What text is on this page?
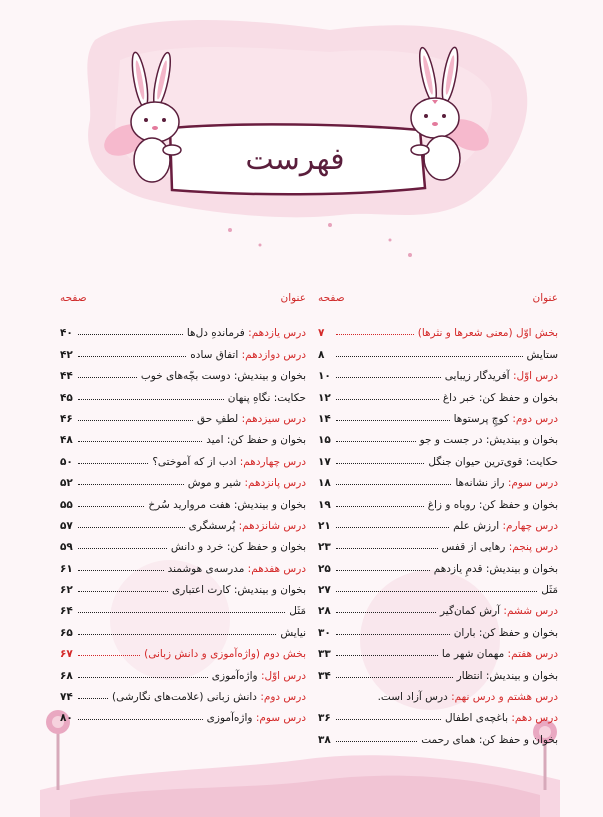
فهرست
عنوان
صفحه
بخش اوّل (معنی شعرها و نثرها)
۷
ستایش
۸
درس اوّل: آفریدگار زیبایی
۱۰
بخوان و حفظ کن: خبر داغ
۱۲
درس دوم: کوچِ پرستوها
۱۴
بخوان و بیندیش: در جست و جو
۱۵
حکایت: قوی‌ترین حیوان جنگل
۱۷
درس سوم: راز نشانه‌ها
۱۸
بخوان و حفظ کن: روباه و زاغ
۱۹
درس چهارم: ارزش علم
۲۱
درس پنجم: رهایی از قفس
۲۳
بخوان و بیندیش: قدمِ یازدهم
۲۵
مَثَل
۲۷
درس ششم: آرش کمان‌گیر
۲۸
بخوان و حفظ کن: باران
۳۰
درس هفتم: مهمان شهر ما
۳۳
بخوان و بیندیش: انتظار
۳۴
درس هشتم و درس نهم: درس آزاد است.
درس دهم: باغچه‌ی اطفال
۳۶
بخوان و حفظ کن: همای رحمت
۳۸
عنوان
صفحه
درس یازدهم: فرماندهِ دل‌ها
۴۰
درس دوازدهم: اتفاق ساده
۴۲
بخوان و بیندیش: دوست بچّه‌های خوب
۴۴
حکایت: نگاهِ پنهان
۴۵
درس سیزدهم: لطفِ حق
۴۶
بخوان و حفظ کن: امید
۴۸
درس چهاردهم: ادب از که آموختی؟
۵۰
درس پانزدهم: شیر و موش
۵۲
بخوان و بیندیش: هفت مروارید سُرخ
۵۵
درس شانزدهم: پُرسشگری
۵۷
بخوان و حفظ کن: خرد و دانش
۵۹
درس هفدهم: مدرسه‌ی هوشمند
۶۱
بخوان و بیندیش: کارت اعتباری
۶۲
مَثَل
۶۴
نیایش
۶۵
بخش دوم (واژه‌آموزی و دانش زبانی)
۶۷
درس اوّل: واژه‌آموزی
۶۸
درس دوم: دانش زبانی (علامت‌های نگارشی)
۷۴
درس سوم: واژه‌آموزی
۸۰
